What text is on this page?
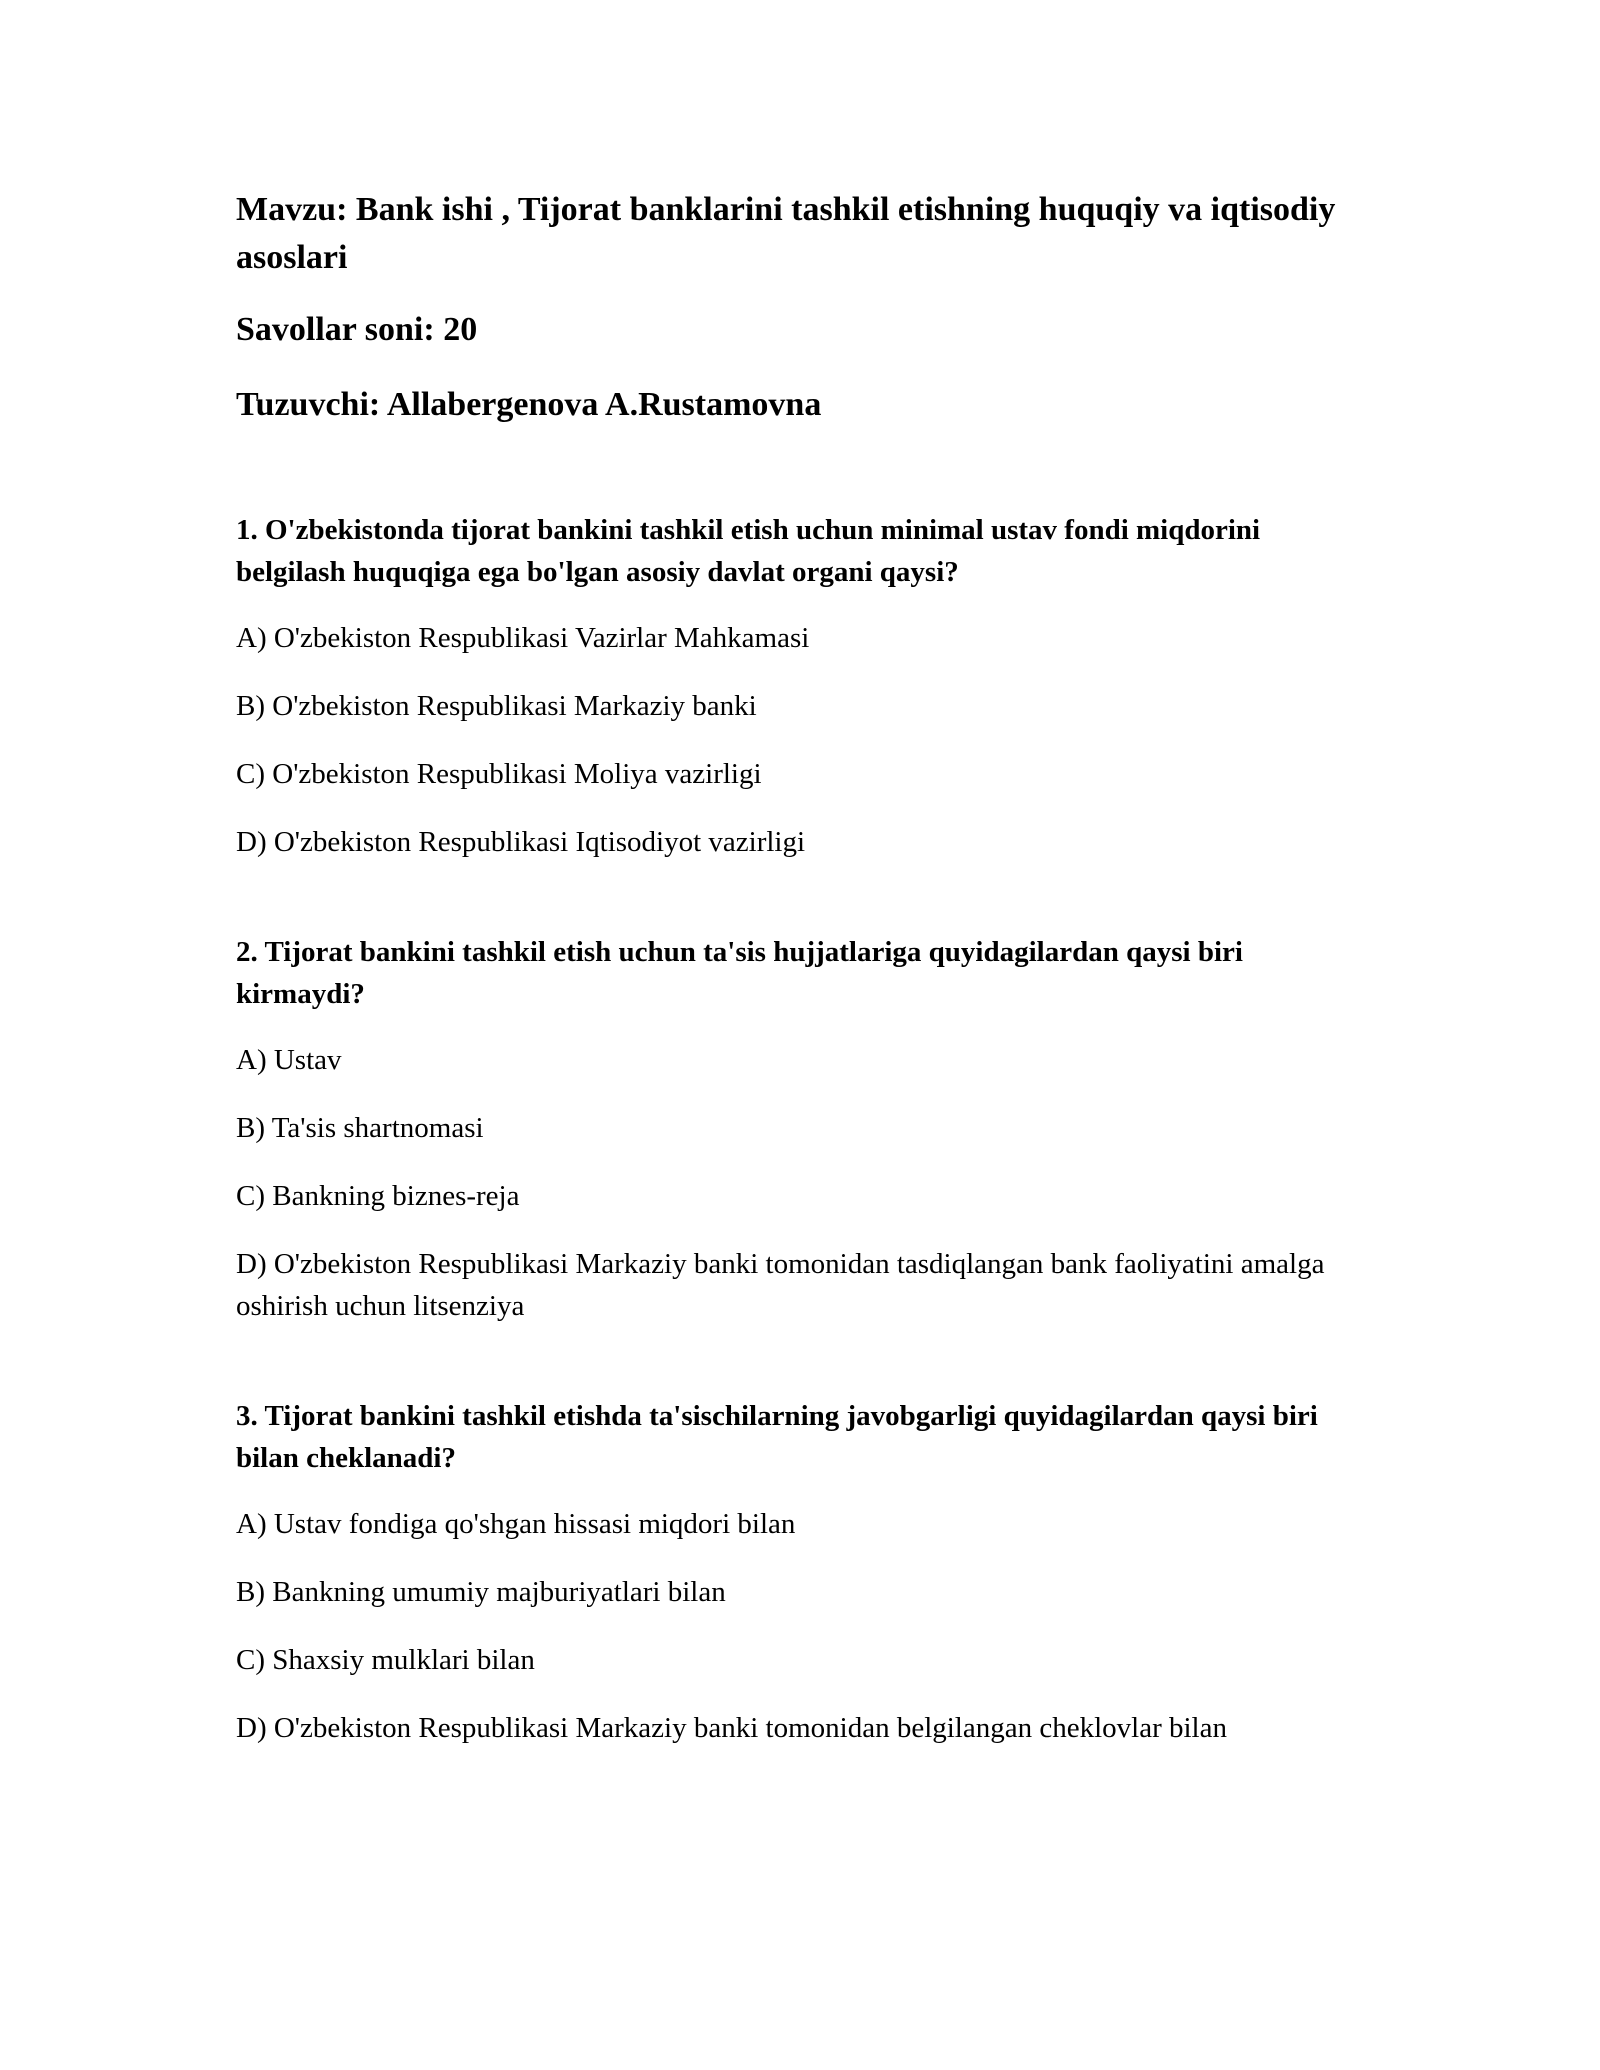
Mavzu: Bank ishi , Tijorat banklarini tashkil etishning huquqiy va iqtisodiy asoslari

Savollar soni: 20

Tuzuvchi: Allabergenova A.Rustamovna

1. O'zbekistonda tijorat bankini tashkil etish uchun minimal ustav fondi miqdorini belgilash huquqiga ega bo'lgan asosiy davlat organi qaysi?

A) O'zbekiston Respublikasi Vazirlar Mahkamasi

B) O'zbekiston Respublikasi Markaziy banki

C) O'zbekiston Respublikasi Moliya vazirligi

D) O'zbekiston Respublikasi Iqtisodiyot vazirligi

2. Tijorat bankini tashkil etish uchun ta'sis hujjatlariga quyidagilardan qaysi biri kirmaydi?

A) Ustav

B) Ta'sis shartnomasi

C) Bankning biznes-reja

D) O'zbekiston Respublikasi Markaziy banki tomonidan tasdiqlangan bank faoliyatini amalga oshirish uchun litsenziya

3. Tijorat bankini tashkil etishda ta'sischilarning javobgarligi quyidagilardan qaysi biri bilan cheklanadi?

A) Ustav fondiga qo'shgan hissasi miqdori bilan

B) Bankning umumiy majburiyatlari bilan

C) Shaxsiy mulklari bilan

D) O'zbekiston Respublikasi Markaziy banki tomonidan belgilangan cheklovlar bilan
